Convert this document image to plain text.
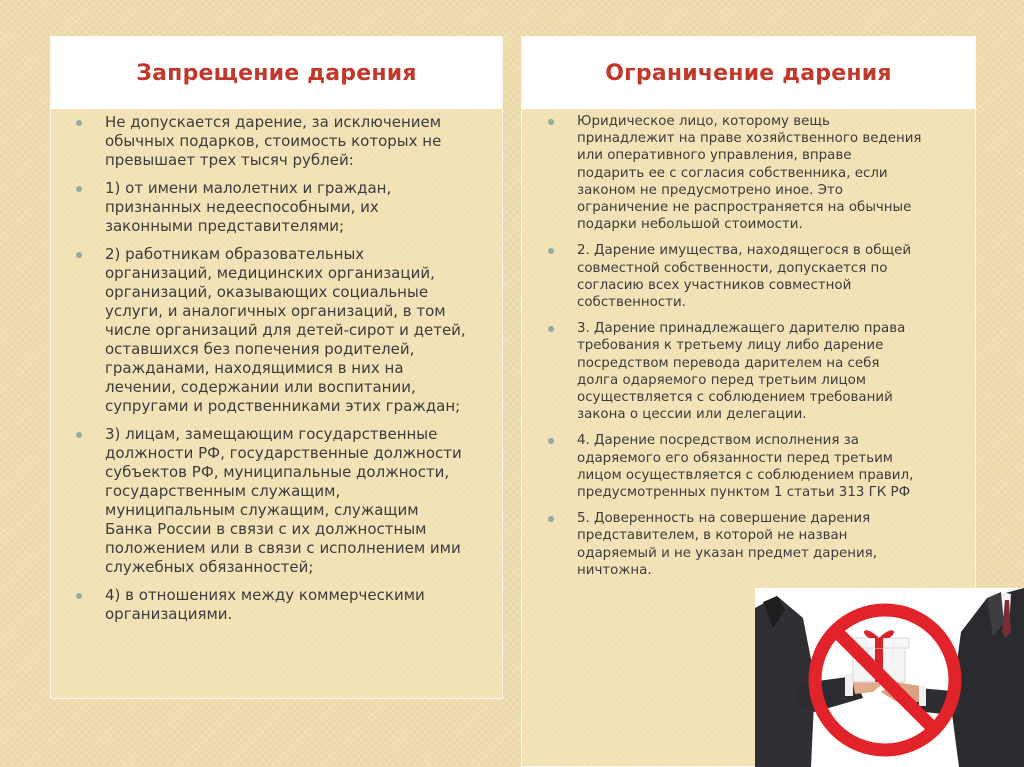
Запрещение дарения
Не допускается дарение, за исключением
обычных подарков, стоимость которых не
превышает трех тысяч рублей:
1) от имени малолетних и граждан,
признанных недееспособными, их
законными представителями;
2) работникам образовательных
организаций, медицинских организаций,
организаций, оказывающих социальные
услуги, и аналогичных организаций, в том
числе организаций для детей-сирот и детей,
оставшихся без попечения родителей,
гражданами, находящимися в них на
лечении, содержании или воспитании,
супругами и родственниками этих граждан;
3) лицам, замещающим государственные
должности РФ, государственные должности
субъектов РФ, муниципальные должности,
государственным служащим,
муниципальным служащим, служащим
Банка России в связи с их должностным
положением или в связи с исполнением ими
служебных обязанностей;
4) в отношениях между коммерческими
организациями.
Ограничение дарения
Юридическое лицо, которому вещь
принадлежит на праве хозяйственного ведения
или оперативного управления, вправе
подарить ее с согласия собственника, если
законом не предусмотрено иное. Это
ограничение не распространяется на обычные
подарки небольшой стоимости.
2. Дарение имущества, находящегося в общей
совместной собственности, допускается по
согласию всех участников совместной
собственности.
3. Дарение принадлежащего дарителю права
требования к третьему лицу либо дарение
посредством перевода дарителем на себя
долга одаряемого перед третьим лицом
осуществляется с соблюдением требований
закона о цессии или делегации.
4. Дарение посредством исполнения за
одаряемого его обязанности перед третьим
лицом осуществляется с соблюдением правил,
предусмотренных пунктом 1 статьи 313 ГК РФ
5. Доверенность на совершение дарения
представителем, в которой не назван
одаряемый и не указан предмет дарения,
ничтожна.
